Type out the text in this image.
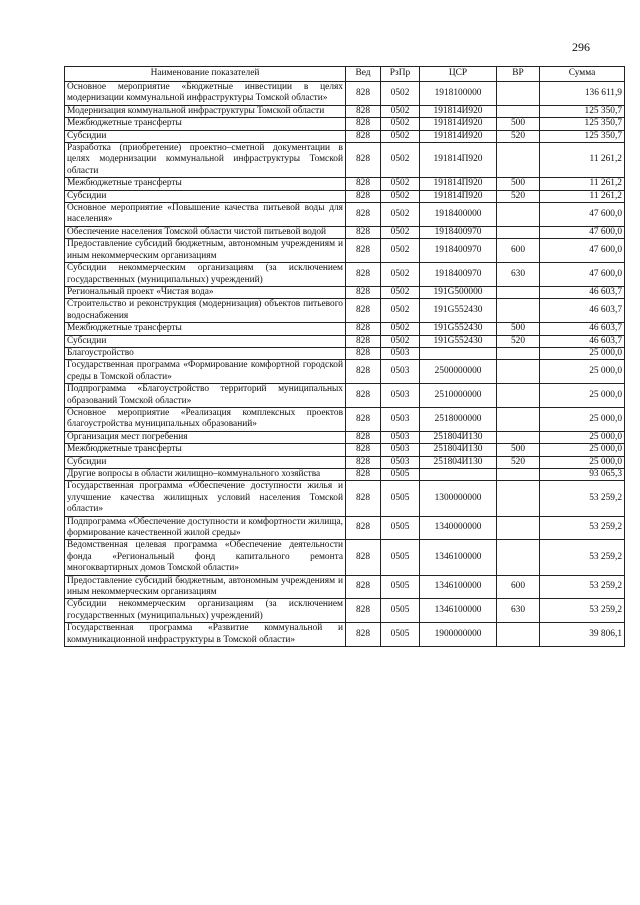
296
Наименование показателей	Вед	РзПр	ЦСР	ВР	Сумма
Основное мероприятие «Бюджетные инвестиции в целях модернизации коммунальной инфраструктуры Томской области»	828	0502	1918100000		136 611,9
Модернизация коммунальной инфраструктуры Томской области	828	0502	191814И920		125 350,7
Межбюджетные трансферты	828	0502	191814И920	500	125 350,7
Субсидии	828	0502	191814И920	520	125 350,7
Разработка (приобретение) проектно–сметной документации в целях модернизации коммунальной инфраструктуры Томской области	828	0502	191814П920		11 261,2
Межбюджетные трансферты	828	0502	191814П920	500	11 261,2
Субсидии	828	0502	191814П920	520	11 261,2
Основное мероприятие «Повышение качества питьевой воды для населения»	828	0502	1918400000		47 600,0
Обеспечение населения Томской области чистой питьевой водой	828	0502	1918400970		47 600,0
Предоставление субсидий бюджетным, автономным учреждениям и иным некоммерческим организациям	828	0502	1918400970	600	47 600,0
Субсидии некоммерческим организациям (за исключением государственных (муниципальных) учреждений)	828	0502	1918400970	630	47 600,0
Региональный проект «Чистая вода»	828	0502	191G500000		46 603,7
Строительство и реконструкция (модернизация) объектов питьевого водоснабжения	828	0502	191G552430		46 603,7
Межбюджетные трансферты	828	0502	191G552430	500	46 603,7
Субсидии	828	0502	191G552430	520	46 603,7
Благоустройство	828	0503			25 000,0
Государственная программа «Формирование комфортной городской среды в Томской области»	828	0503	2500000000		25 000,0
Подпрограмма «Благоустройство территорий муниципальных образований Томской области»	828	0503	2510000000		25 000,0
Основное мероприятие «Реализация комплексных проектов благоустройства муниципальных образований»	828	0503	2518000000		25 000,0
Организация мест погребения	828	0503	251804И130		25 000,0
Межбюджетные трансферты	828	0503	251804И130	500	25 000,0
Субсидии	828	0503	251804И130	520	25 000,0
Другие вопросы в области жилищно–коммунального хозяйства	828	0505			93 065,3
Государственная программа «Обеспечение доступности жилья и улучшение качества жилищных условий населения Томской области»	828	0505	1300000000		53 259,2
Подпрограмма «Обеспечение доступности и комфортности жилища, формирование качественной жилой среды»	828	0505	1340000000		53 259,2
Ведомственная целевая программа «Обеспечение деятельности фонда «Региональный фонд капитального ремонта многоквартирных домов Томской области»	828	0505	1346100000		53 259,2
Предоставление субсидий бюджетным, автономным учреждениям и иным некоммерческим организациям	828	0505	1346100000	600	53 259,2
Субсидии некоммерческим организациям (за исключением государственных (муниципальных) учреждений)	828	0505	1346100000	630	53 259,2
Государственная программа «Развитие коммунальной и коммуникационной инфраструктуры в Томской области»	828	0505	1900000000		39 806,1
